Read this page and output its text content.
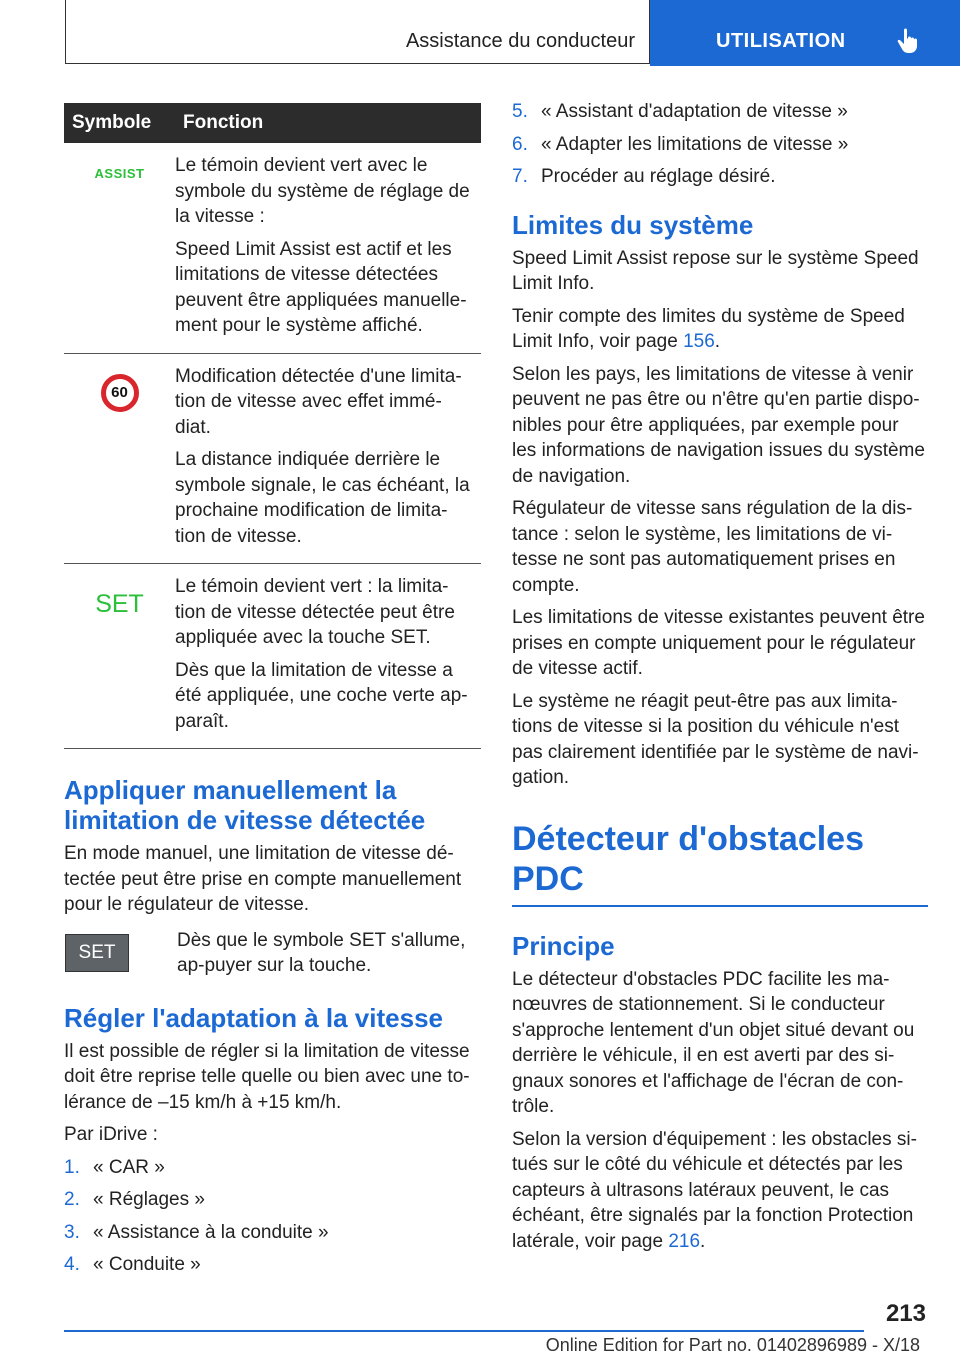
Assistance du conducteur	UTILISATION
Symbole	Fonction
ASSIST	Le témoin devient vert avec le symbole du système de réglage de la vitesse :

Speed Limit Assist est actif et les limitations de vitesse détectées peuvent être appliquées manuelle-ment pour le système affiché.

60	Modification détectée d'une limita-tion de vitesse avec effet immé-diat.

La distance indiquée derrière le symbole signale, le cas échéant, la prochaine modification de limita-tion de vitesse.

SET	Le témoin devient vert : la limita-tion de vitesse détectée peut être appliquée avec la touche SET.

Dès que la limitation de vitesse a été appliquée, une coche verte ap-paraît.

Appliquer manuellement la limitation de vitesse détectée

En mode manuel, une limitation de vitesse dé-tectée peut être prise en compte manuellement pour le régulateur de vitesse.

SET

Dès que le symbole SET s'allume, ap-puyer sur la touche.

Régler l'adaptation à la vitesse

Il est possible de régler si la limitation de vitesse doit être reprise telle quelle ou bien avec une to-lérance de –15 km/h à +15 km/h.

Par iDrive :

1. « CAR »
2. « Réglages »
3. « Assistance à la conduite »
4. « Conduite »
5. « Assistant d'adaptation de vitesse »
6. « Adapter les limitations de vitesse »
7. Procéder au réglage désiré.
Limites du système

Speed Limit Assist repose sur le système Speed Limit Info.

Tenir compte des limites du système de Speed Limit Info, voir page 156.

Selon les pays, les limitations de vitesse à venir peuvent ne pas être ou n'être qu'en partie dispo-nibles pour être appliquées, par exemple pour les informations de navigation issues du système de navigation.

Régulateur de vitesse sans régulation de la dis-tance : selon le système, les limitations de vi-tesse ne sont pas automatiquement prises en compte.

Les limitations de vitesse existantes peuvent être prises en compte uniquement pour le régulateur de vitesse actif.

Le système ne réagit peut-être pas aux limita-tions de vitesse si la position du véhicule n'est pas clairement identifiée par le système de navi-gation.

Détecteur d'obstacles PDC
Principe

Le détecteur d'obstacles PDC facilite les ma-nœuvres de stationnement. Si le conducteur s'approche lentement d'un objet situé devant ou derrière le véhicule, il en est averti par des si-gnaux sonores et l'affichage de l'écran de con-trôle.

Selon la version d'équipement : les obstacles si-tués sur le côté du véhicule et détectés par les capteurs à ultrasons latéraux peuvent, le cas échéant, être signalés par la fonction Protection latérale, voir page 216.

213
Online Edition for Part no. 01402896989 - X/18
